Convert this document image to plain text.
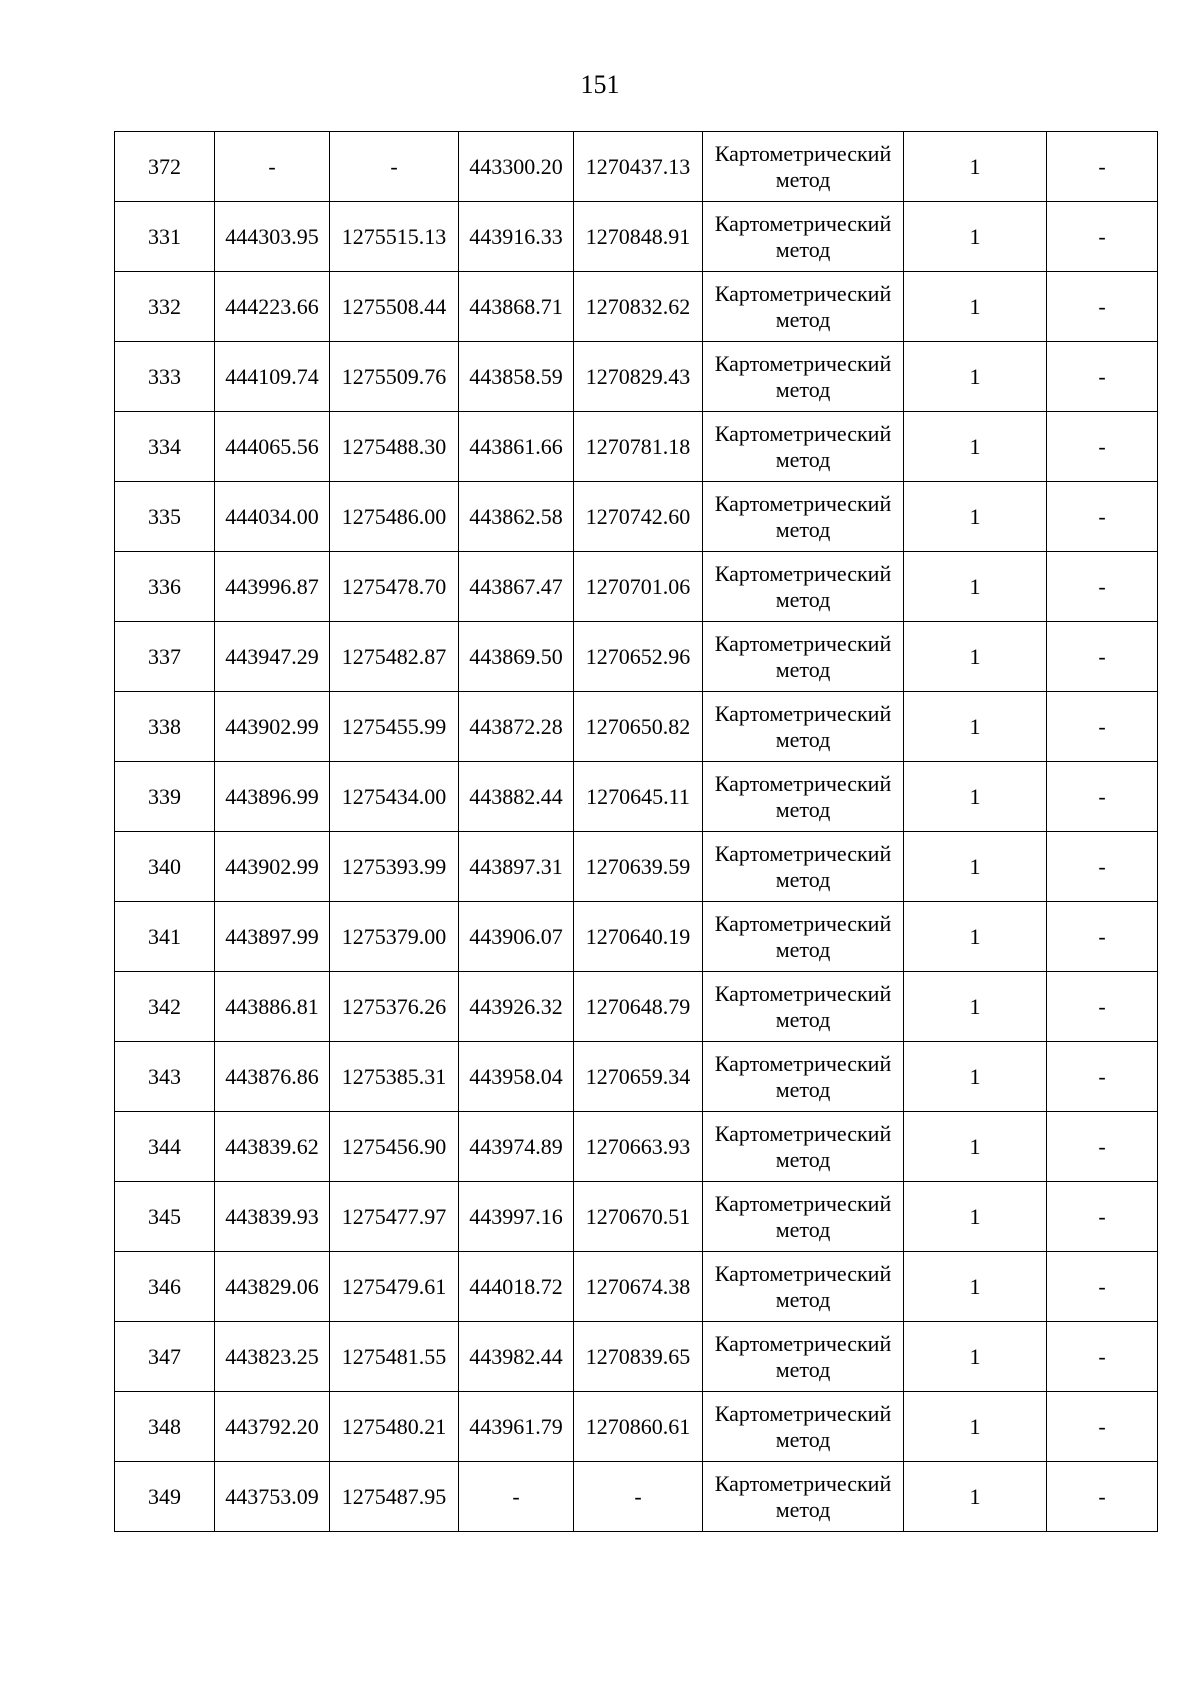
151
372	-	-	443300.20	1270437.13	Картометрический
метод	1	-
331	444303.95	1275515.13	443916.33	1270848.91	Картометрический
метод	1	-
332	444223.66	1275508.44	443868.71	1270832.62	Картометрический
метод	1	-
333	444109.74	1275509.76	443858.59	1270829.43	Картометрический
метод	1	-
334	444065.56	1275488.30	443861.66	1270781.18	Картометрический
метод	1	-
335	444034.00	1275486.00	443862.58	1270742.60	Картометрический
метод	1	-
336	443996.87	1275478.70	443867.47	1270701.06	Картометрический
метод	1	-
337	443947.29	1275482.87	443869.50	1270652.96	Картометрический
метод	1	-
338	443902.99	1275455.99	443872.28	1270650.82	Картометрический
метод	1	-
339	443896.99	1275434.00	443882.44	1270645.11	Картометрический
метод	1	-
340	443902.99	1275393.99	443897.31	1270639.59	Картометрический
метод	1	-
341	443897.99	1275379.00	443906.07	1270640.19	Картометрический
метод	1	-
342	443886.81	1275376.26	443926.32	1270648.79	Картометрический
метод	1	-
343	443876.86	1275385.31	443958.04	1270659.34	Картометрический
метод	1	-
344	443839.62	1275456.90	443974.89	1270663.93	Картометрический
метод	1	-
345	443839.93	1275477.97	443997.16	1270670.51	Картометрический
метод	1	-
346	443829.06	1275479.61	444018.72	1270674.38	Картометрический
метод	1	-
347	443823.25	1275481.55	443982.44	1270839.65	Картометрический
метод	1	-
348	443792.20	1275480.21	443961.79	1270860.61	Картометрический
метод	1	-
349	443753.09	1275487.95	-	-	Картометрический
метод	1	-
